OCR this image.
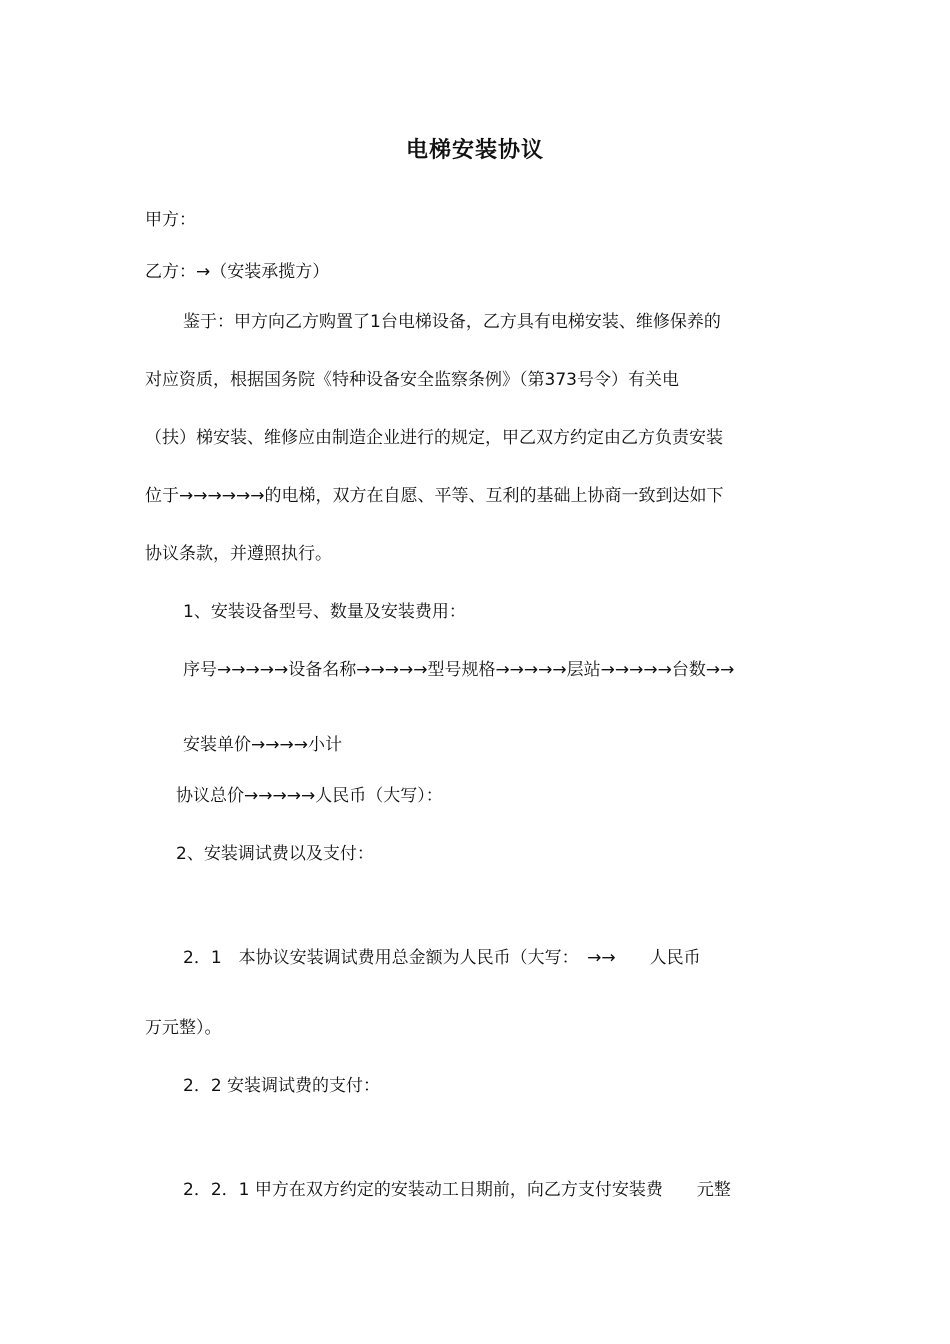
电梯安装协议

甲方：

乙方：→（安装承揽方）

鉴于：甲方向乙方购置了1台电梯设备，乙方具有电梯安装、维修保养的

对应资质，根据国务院《特种设备安全监察条例》（第373号令）有关电

（扶）梯安装、维修应由制造企业进行的规定，甲乙双方约定由乙方负责安装

位于→→→→→→的电梯，双方在自愿、平等、互利的基础上协商一致到达如下

协议条款，并遵照执行。

1、安装设备型号、数量及安装费用：

序号→→→→→设备名称→→→→→型号规格→→→→→层站→→→→→台数→→

安装单价→→→→小计

协议总价→→→→→人民币（大写）：

2、安装调试费以及支付：

2．1　本协议安装调试费用总金额为人民币（大写：　→→　　人民币

万元整）。

2．2 安装调试费的支付：

2．2．1 甲方在双方约定的安装动工日期前，向乙方支付安装费　　元整
